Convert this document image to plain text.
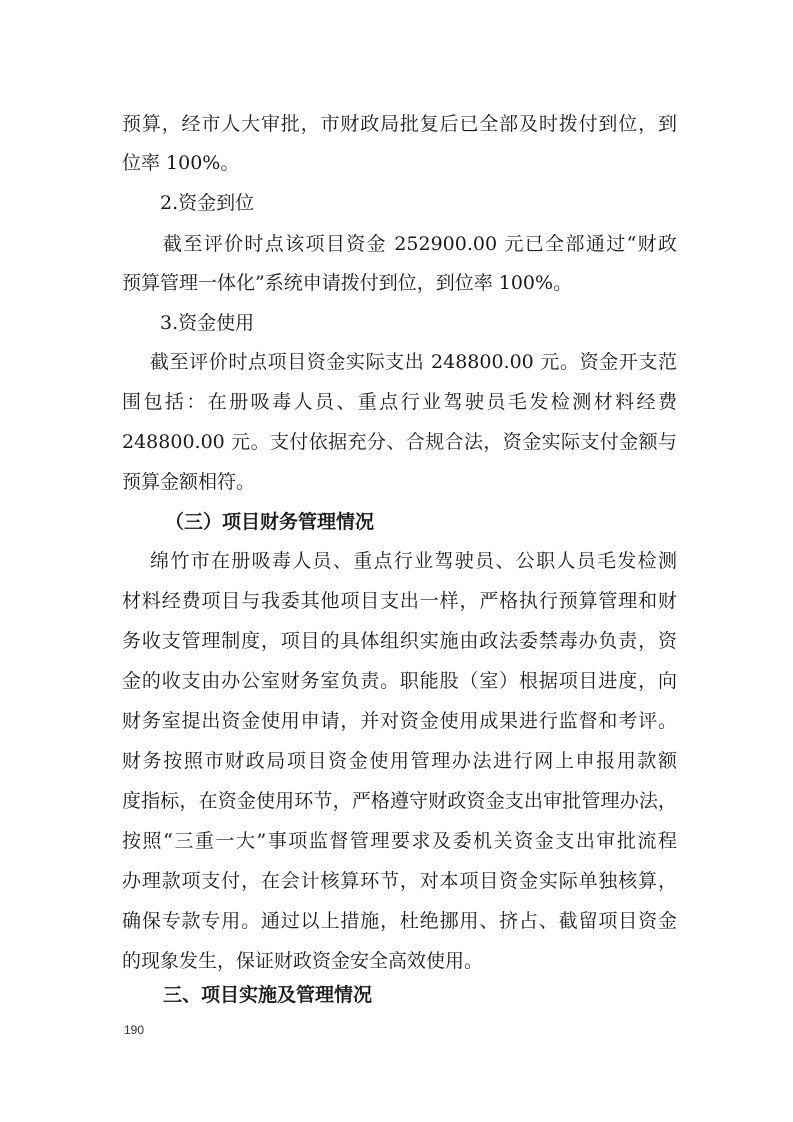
预算，经市人大审批，市财政局批复后已全部及时拨付到位，到
位率 100%。
2.资金到位
截至评价时点该项目资金 252900.00 元已全部通过“财政
预算管理一体化”系统申请拨付到位，到位率 100%。
3.资金使用
截至评价时点项目资金实际支出 248800.00 元。资金开支范
围包括：在册吸毒人员、重点行业驾驶员毛发检测材料经费
248800.00 元。支付依据充分、合规合法，资金实际支付金额与
预算金额相符。
（三）项目财务管理情况
绵竹市在册吸毒人员、重点行业驾驶员、公职人员毛发检测
材料经费项目与我委其他项目支出一样，严格执行预算管理和财
务收支管理制度，项目的具体组织实施由政法委禁毒办负责，资
金的收支由办公室财务室负责。职能股（室）根据项目进度，向
财务室提出资金使用申请，并对资金使用成果进行监督和考评。
财务按照市财政局项目资金使用管理办法进行网上申报用款额
度指标，在资金使用环节，严格遵守财政资金支出审批管理办法，
按照“三重一大”事项监督管理要求及委机关资金支出审批流程
办理款项支付，在会计核算环节，对本项目资金实际单独核算，
确保专款专用。通过以上措施，杜绝挪用、挤占、截留项目资金
的现象发生，保证财政资金安全高效使用。
三、项目实施及管理情况
190
